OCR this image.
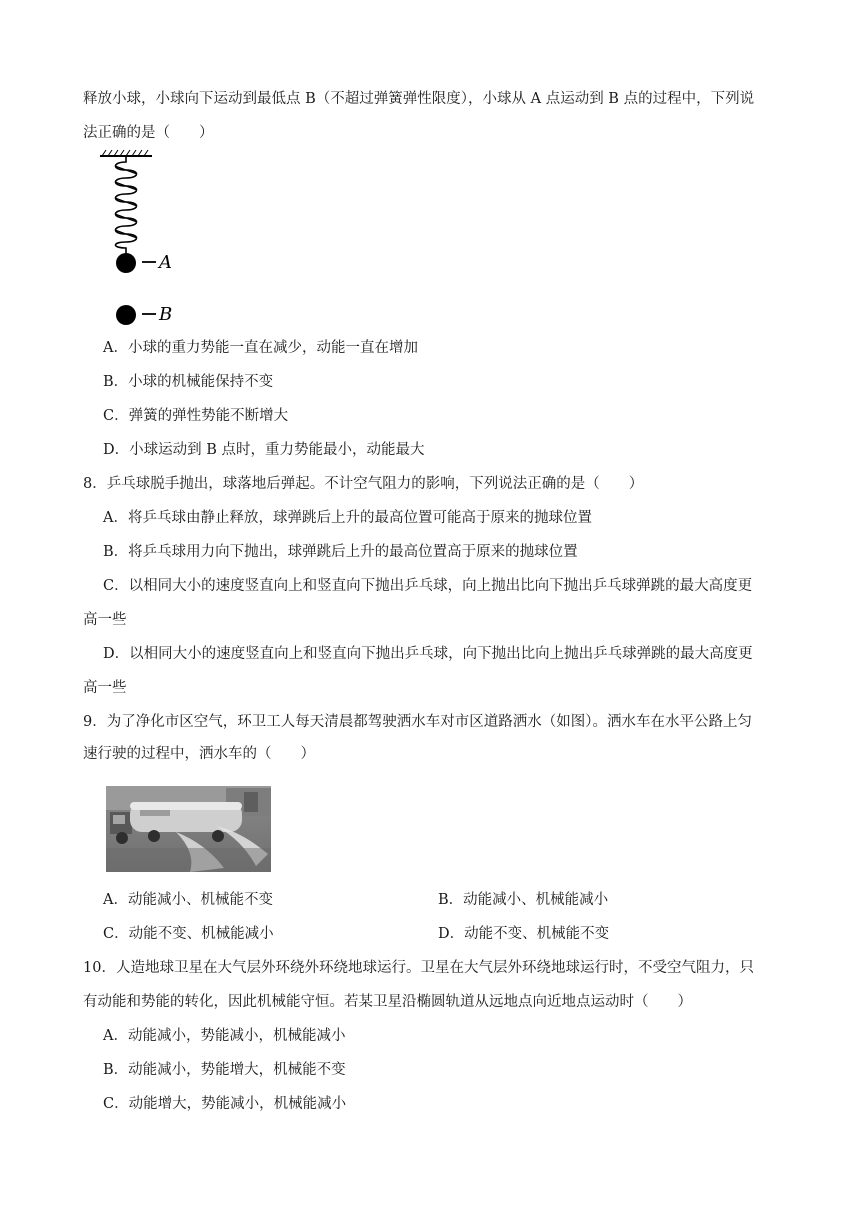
释放小球，小球向下运动到最低点 B（不超过弹簧弹性限度），小球从 A 点运动到 B 点的过程中，下列说
法正确的是（　　）
A
B
A．小球的重力势能一直在减少，动能一直在增加
B．小球的机械能保持不变
C．弹簧的弹性势能不断增大
D．小球运动到 B 点时，重力势能最小，动能最大
8．乒乓球脱手抛出，球落地后弹起。不计空气阻力的影响，下列说法正确的是（　　）
A．将乒乓球由静止释放，球弹跳后上升的最高位置可能高于原来的抛球位置
B．将乒乓球用力向下抛出，球弹跳后上升的最高位置高于原来的抛球位置
C．以相同大小的速度竖直向上和竖直向下抛出乒乓球，向上抛出比向下抛出乒乓球弹跳的最大高度更
高一些
D．以相同大小的速度竖直向上和竖直向下抛出乒乓球，向下抛出比向上抛出乒乓球弹跳的最大高度更
高一些
9．为了净化市区空气，环卫工人每天清晨都驾驶洒水车对市区道路洒水（如图）。洒水车在水平公路上匀
速行驶的过程中，洒水车的（　　）
A．动能减小、机械能不变	B．动能减小、机械能减小
C．动能不变、机械能减小	D．动能不变、机械能不变
10．人造地球卫星在大气层外环绕外环绕地球运行。卫星在大气层外环绕地球运行时，不受空气阻力，只
有动能和势能的转化，因此机械能守恒。若某卫星沿椭圆轨道从远地点向近地点运动时（　　）
A．动能减小，势能减小，机械能减小
B．动能减小，势能增大，机械能不变
C．动能增大，势能减小，机械能减小
